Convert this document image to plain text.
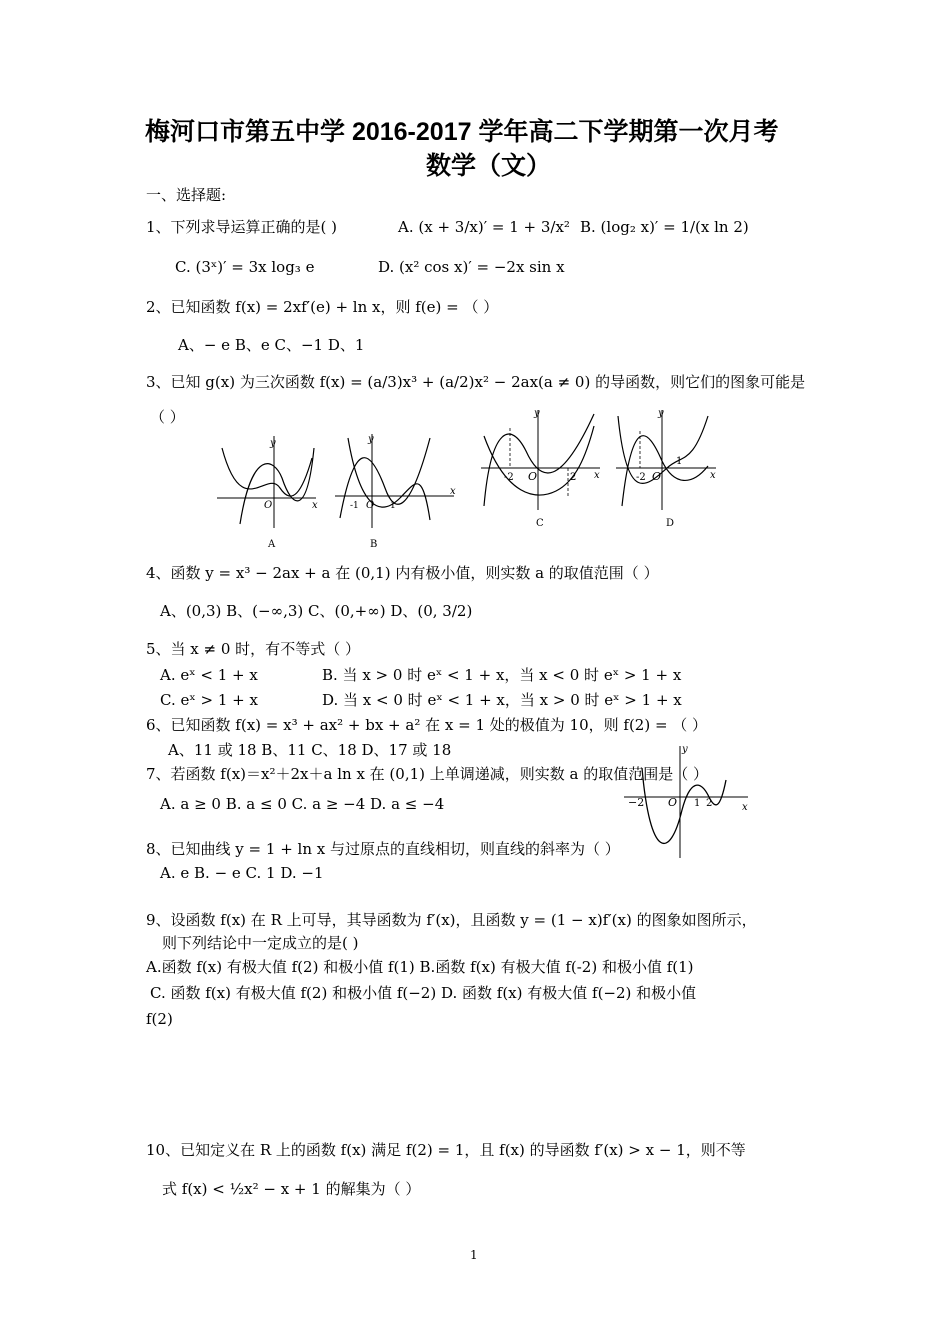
梅河口市第五中学 2016-2017 学年高二下学期第一次月考
数学（文）
一、选择题:
1、下列求导运算正确的是( )	A. (x + 3/x)′ = 1 + 3/x² B. (log₂ x)′ = 1/(x ln 2)
C. (3ˣ)′ = 3x log₃ e	D. (x² cos x)′ = −2x sin x
2、已知函数 f(x) = 2xf′(e) + ln x，则 f(e) = （ ）
A、− e B、e C、−1 D、1
3、已知 g(x) 为三次函数 f(x) = (a/3)x³ + (a/2)x² − 2ax(a ≠ 0) 的导函数，则它们的图象可能是
（ ）
y
x
O
A
y
x
O
-1	1
B
y
x
O
-2	2
C
y
x
O
-2
1
D
4、函数 y = x³ − 2ax + a 在 (0,1) 内有极小值，则实数 a 的取值范围（ ）
A、(0,3) B、(−∞,3) C、(0,+∞) D、(0, 3/2)
5、当 x ≠ 0 时，有不等式（ ）
A. eˣ < 1 + x	B. 当 x > 0 时 eˣ < 1 + x，当 x < 0 时 eˣ > 1 + x
C. eˣ > 1 + x	D. 当 x < 0 时 eˣ < 1 + x，当 x > 0 时 eˣ > 1 + x
6、已知函数 f(x) = x³ + ax² + bx + a² 在 x = 1 处的极值为 10，则 f(2) = （ ）
A、11 或 18 B、11 C、18 D、17 或 18	y
x
−2 O 1 2
7、若函数 f(x)＝x²＋2x＋a ln x 在 (0,1) 上单调递减，则实数 a 的取值范围是（ ）
A. a ≥ 0 B. a ≤ 0 C. a ≥ −4 D. a ≤ −4
8、已知曲线 y = 1 + ln x 与过原点的直线相切，则直线的斜率为（ ）
A. e B. − e C. 1 D. −1
9、设函数 f(x) 在 R 上可导，其导函数为 f′(x)，且函数 y = (1 − x)f′(x) 的图象如图所示，
则下列结论中一定成立的是( )
A.函数 f(x) 有极大值 f(2) 和极小值 f(1) B.函数 f(x) 有极大值 f(-2) 和极小值 f(1)
C. 函数 f(x) 有极大值 f(2) 和极小值 f(−2) D. 函数 f(x) 有极大值 f(−2) 和极小值
f(2)
10、已知定义在 R 上的函数 f(x) 满足 f(2) = 1，且 f(x) 的导函数 f′(x) > x − 1，则不等
式 f(x) < ½x² − x + 1 的解集为（ ）
1
